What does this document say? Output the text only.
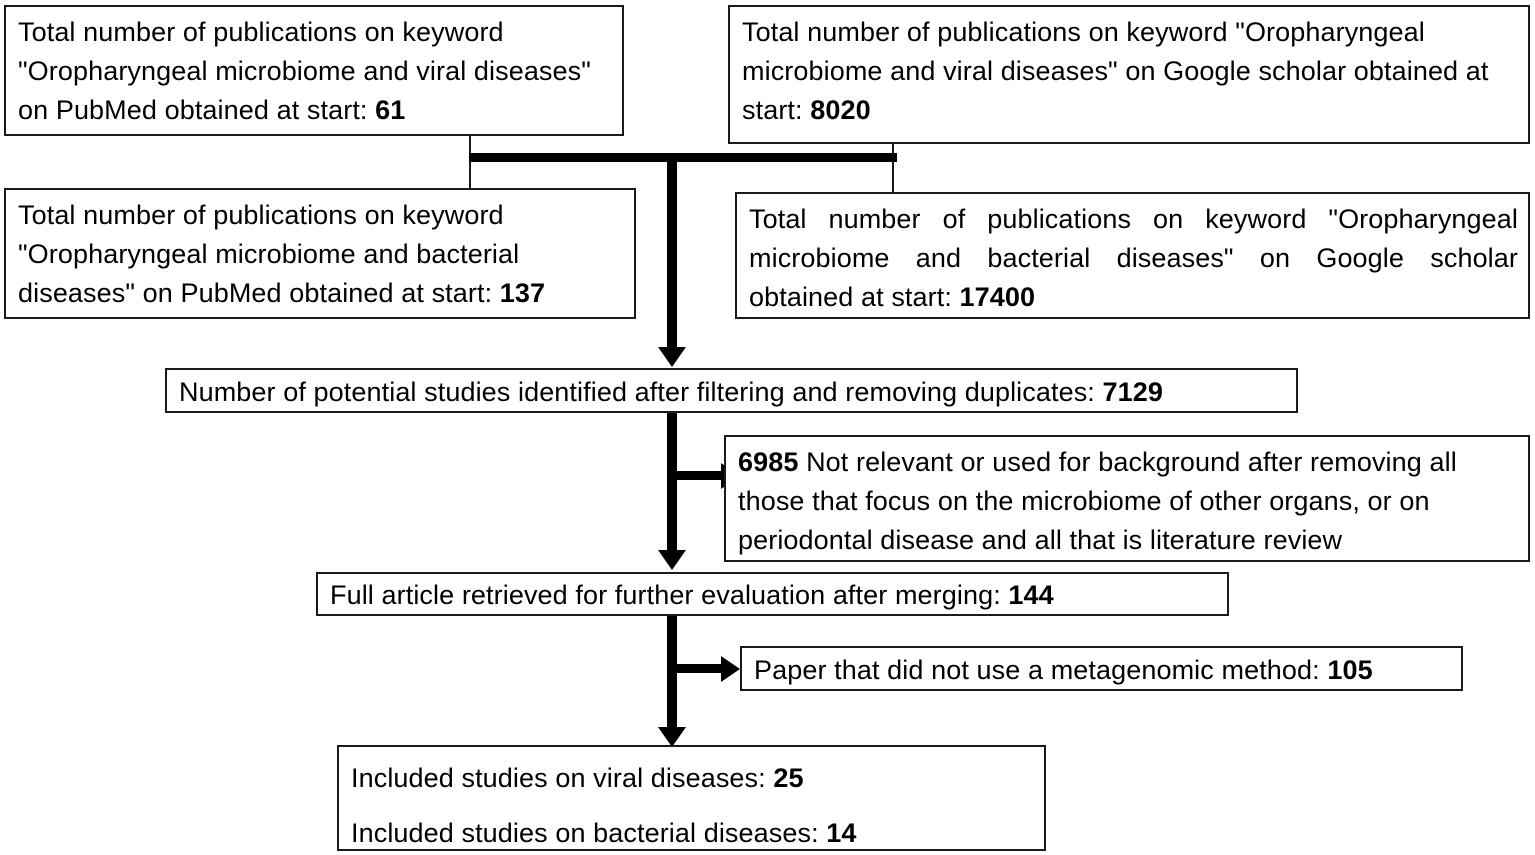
Total number of publications on keyword "Oropharyngeal microbiome and viral diseases" on PubMed obtained at start: 61
Total number of publications on keyword "Oropharyngeal microbiome and viral diseases" on Google scholar obtained at start: 8020
Total number of publications on keyword "Oropharyngeal microbiome and bacterial diseases" on PubMed obtained at start: 137
Total number of publications on keyword "Oropharyngeal microbiome and bacterial diseases" on Google scholar obtained at start: 17400
Number of potential studies identified after filtering and removing duplicates: 7129
6985 Not relevant or used for background after removing all those that focus on the microbiome of other organs, or on periodontal disease and all that is literature review
Full article retrieved for further evaluation after merging: 144
Paper that did not use a metagenomic method: 105

Included studies on viral diseases: 25

Included studies on bacterial diseases: 14
